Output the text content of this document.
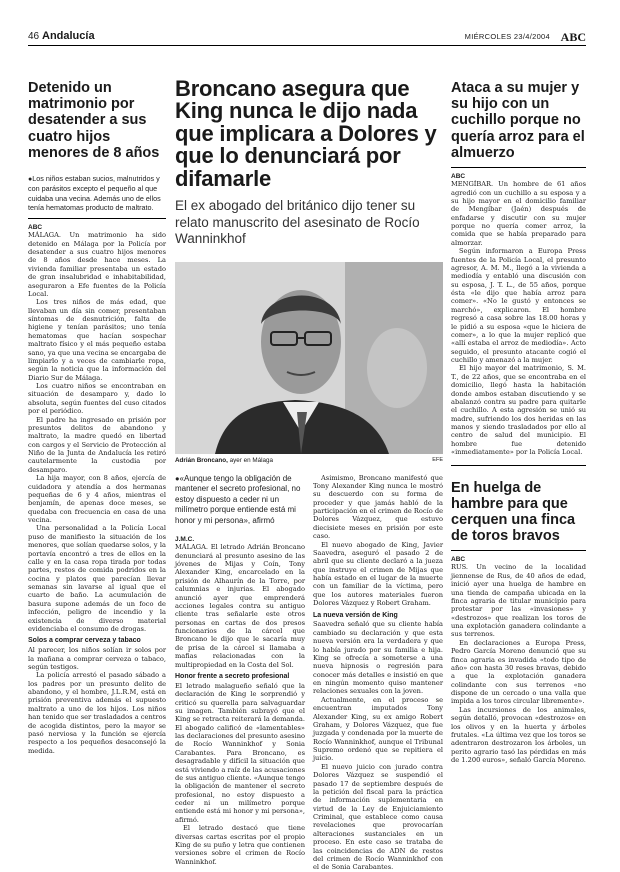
46 Andalucía	MIÉRCOLES 23/4/2004 ABC
Detenido un matrimonio por desatender a sus cuatro hijos menores de 8 años
● Los niños estaban sucios, malnutridos y con parásitos excepto el pequeño al que cuidaba una vecina. Además uno de ellos tenía hematomas producto de maltrato.
ABC

MÁLAGA. Un matrimonio ha sido detenido en Málaga por la Policía por desatender a sus cuatro hijos menores de 8 años desde hace meses. La vivienda familiar presentaba un estado de gran insalubridad e inhabitabilidad, aseguraron a Efe fuentes de la Policía Local.

Los tres niños de más edad, que llevaban un día sin comer, presentaban síntomas de desnutrición, falta de higiene y tenían parásitos; uno tenía hematomas que hacían sospechar maltrato físico y el más pequeño estaba sano, ya que una vecina se encargaba de limpiarlo y a veces de cambiarle ropa, según la noticia que la información del Diario Sur de Málaga.

Los cuatro niños se encontraban en situación de desamparo y, dado lo absoluta, según fuentes del cuso citados por el periódico.

El padre ha ingresado en prisión por presuntos delitos de abandono y maltrato, la madre quedó en libertad con cargos y el Servicio de Protección al Niño de la Junta de Andalucía les retiró cautelarmente la custodia por desamparo.

La hija mayor, con 8 años, ejercía de cuidadora y atendía a dos hermanas pequeñas de 6 y 4 años, mientras el benjamín, de apenas doce meses, se quedaba con frecuencia en casa de una vecina.

Una personalidad a la Policía Local puso de manifiesto la situación de los menores, que solían quedarse solos, y la portavía encontró a tres de ellos en la calle y en la casa ropa tirada por todas partes, restos de comida podridos en la cocina y platos que parecían llevar semanas sin lavarse al igual que el cuarto de baño. La acumulación de basura supone además de un foco de infección, peligro de incendio y la existencia de diverso material evidenciaba el consumo de drogas.

Solos a comprar cerveza y tabaco

Al parecer, los niños solían ir solos por la mañana a comprar cerveza o tabaco, según testigos.

La policía arrestó el pasado sábado a los padres por un presunto delito de abandono, y el hombre, J.L.R.M, está en prisión preventiva además el supuesto maltrato a uno de los hijos. Los niños han tenido que ser trasladados a centros de acogida distintos, pero la mayor se pasó nerviosa y la función se ejercía respecto a los pequeños desaconsejó la medida.

Broncano asegura que King nunca le dijo nada que implicara a Dolores y que lo denunciará por difamarle
El ex abogado del británico dijo tener su relato manuscrito del asesinato de Rocío Wanninkhof
Adrián Broncano, ayer en Málaga	EFE
● «Aunque tengo la obligación de mantener el secreto profesional, no estoy dispuesto a ceder ni un milímetro porque entiende está mi honor y mi persona», afirmó
J.M.C.

MÁLAGA. El letrado Adrián Broncano denunciará al presunto asesino de las jóvenes de Mijas y Coín, Tony Alexander King, encarcelado en la prisión de Alhaurín de la Torre, por calumnias e injurias. El abogado anunció ayer que emprenderá acciones legales contra su antiguo cliente tras señalarle este otros personas en cartas de dos presos funcionarios de la cárcel que Broncano le dijo que le sacaría muy de prisa de la cárcel si llamaba a mafias relacionadas con la multipropiedad en la Costa del Sol.

Honor frente a secreto profesional

El letrado malagueño señaló que la declaración de King le sorprendió y criticó su querella para salvaguardar su imagen. También subrayó que el King se retracta reiterará la demanda. El abogado calificó de «lamentables» las declaraciones del presunto asesino de Rocío Wanninkhof y Sonia Carabantes. Para Broncano, es desagradable y difícil la situación que está viviendo a raíz de las acusaciones de sus antiguo cliente. «Aunque tengo la obligación de mantener el secreto profesional, no estoy dispuesto a ceder ni un milímetro porque entiende está mi honor y mi persona», afirmó.

El letrado destacó que tiene diversas cartas escritas por el propio King de su puño y letra que contienen versiones sobre el crimen de Rocío Wanninkhof.

Asimismo, Broncano manifestó que Tony Alexander King nunca le mostró su descuerdo con su forma de proceder y que jamás habló de la participación en el crimen de Rocío de Dolores Vázquez, que estuvo diecisiete meses en prisión por este caso.

El nuevo abogado de King, Javier Saavedra, aseguró el pasado 2 de abril que su cliente declaró a la jueza que instruye el crimen de Mijas que había estado en el lugar de la muerte con un familiar de la víctima, pero que los autores materiales fueron Dolores Vázquez y Robert Graham.

La nueva versión de King

Saavedra señaló que su cliente había cambiado su declaración y que esta nueva versión era la verdadera y que lo había jurado por su familia e hija. King se ofrecía a someterse a una nueva hipnosis o regresión para conocer más detalles e insistió en que en ningún momento quiso mantener relaciones sexuales con la joven.

Actualmente, en el proceso se encuentran imputados Tony Alexander King, su ex amigo Robert Graham, y Dolores Vázquez, que fue juzgada y condenada por la muerte de Rocío Wanninkhof, aunque el Tribunal Supremo ordenó que se repitiera el juicio.

El nuevo juicio con jurado contra Dolores Vázquez se suspendió el pasado 17 de septiembre después de la petición del fiscal para la práctica de información suplementaria en virtud de la Ley de Enjuiciamiento Criminal, que establece como causa revelaciones que provocarían alteraciones sustanciales en un proceso. En este caso se trataba de las coincidencias de ADN de restos del crimen de Rocío Wanninkhof con el de Sonia Carabantes.

Ataca a su mujer y su hijo con un cuchillo porque no quería arroz para el almuerzo
ABC

MENGÍBAR. Un hombre de 61 años agredió con un cuchillo a su esposa y a su hijo mayor en el domicilio familiar de Mengíbar (Jaén) después de enfadarse y discutir con su mujer porque no quería comer arroz, la comida que se había preparado para almorzar.

Según informaron a Europa Press fuentes de la Policía Local, el presunto agresor, A. M. M., llegó a la vivienda a mediodía y entabló una discusión con su esposa, J. T. L., de 55 años, porque ésta «le dijo que había arroz para comer». «No le gustó y entonces se marchó», explicaron. El hombre regresó a casa sobre las 18.00 horas y le pidió a su esposa «que le hiciera de comer», a lo que la mujer replicó que «allí estaba el arroz de mediodía». Acto seguido, el presunto atacante cogió el cuchillo y amenazó a la mujer.

El hijo mayor del matrimonio, S. M. T., de 22 años, que se encontraba en el domicilio, llegó hasta la habitación donde ambos estaban discutiendo y se abalanzó contra su padre para quitarle el cuchillo. A esta agresión se unió su madre, sufriendo los dos heridas en las manos y siendo trasladados por ello al centro de salud del municipio. El hombre fue detenido «inmediatamente» por la Policía Local.

En huelga de hambre para que cerquen una finca de toros bravos
ABC

RUS. Un vecino de la localidad jiennense de Rus, de 40 años de edad, inició ayer una huelga de hambre en una tienda de campaña ubicada en la finca agraria de titular municipio para protestar por las «invasiones» y «destrozos» que realizan los toros de una explotación ganadera colindante a sus terrenos.

En declaraciones a Europa Press, Pedro García Moreno denunció que su finca agraria es invadida «todo tipo de año» con hasta 30 reses bravas, debido a que la explotación ganadera colindante con sus terrenos «no dispone de un cercado o una valla que impida a los toros circular libremente».

Las incursiones de los animales, según detalló, provocan «destrozos» en los olivos y en la huerta y árboles frutales. «La última vez que los toros se adentraron destrozaron los árboles, un perito agrario tasó las pérdidas en más de 1.200 euros», señaló García Moreno.
